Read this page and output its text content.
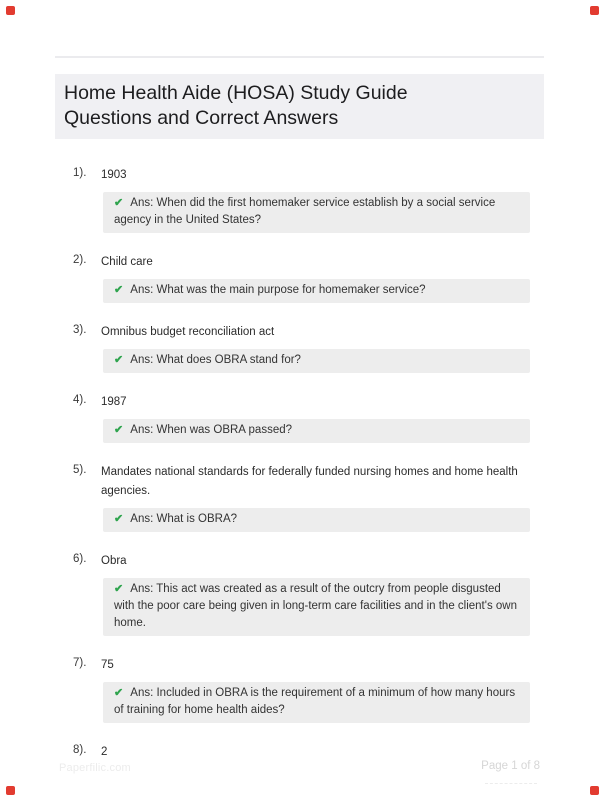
Home Health Aide (HOSA) Study Guide
Questions and Correct Answers
1). 1903
✔ Ans: When did the first homemaker service establish by a social service agency in the United States?
2). Child care
✔ Ans: What was the main purpose for homemaker service?
3). Omnibus budget reconciliation act
✔ Ans: What does OBRA stand for?
4). 1987
✔ Ans: When was OBRA passed?
5). Mandates national standards for federally funded nursing homes and home health agencies.
✔ Ans: What is OBRA?
6). Obra
✔ Ans: This act was created as a result of the outcry from people disgusted with the poor care being given in long-term care facilities and in the client's own home.
7). 75
✔ Ans: Included in OBRA is the requirement of a minimum of how many hours of training for home health aides?
8). 2
Paperfilic.com	Page 1 of 8
